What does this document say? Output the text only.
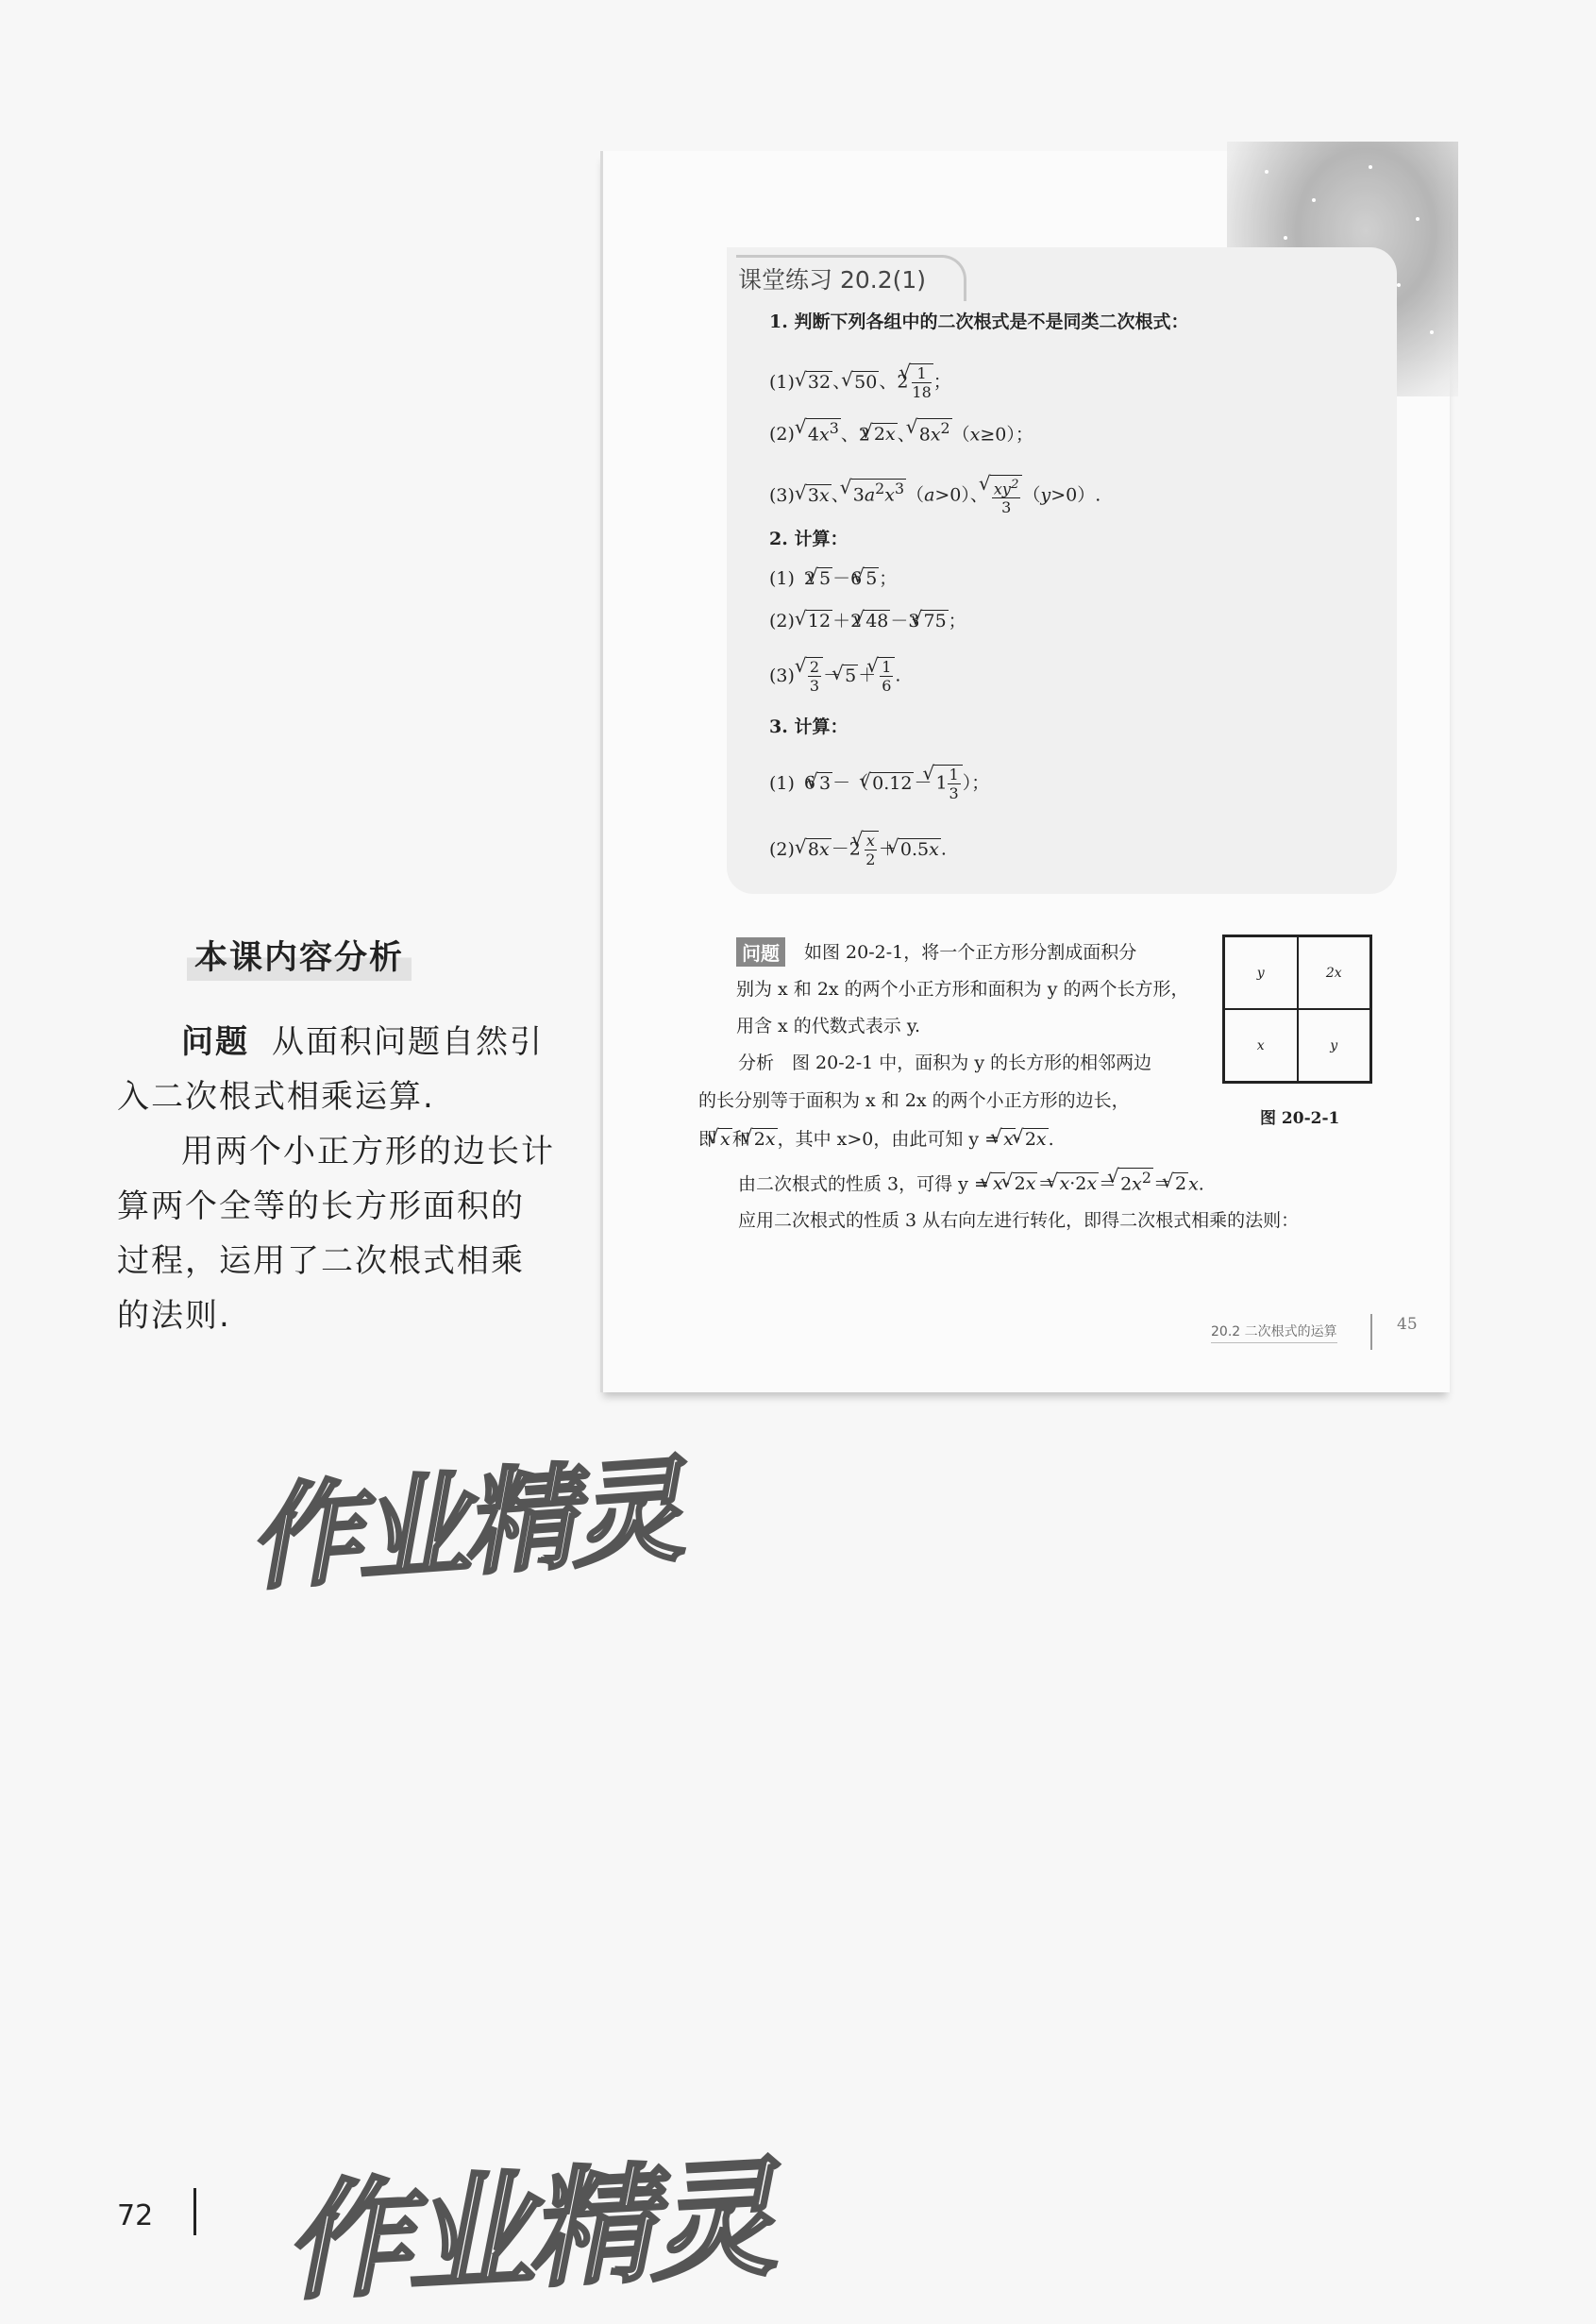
本课内容分析

问题 从面积问题自然引入二次根式相乘运算.

用两个小正方形的边长计算两个全等的长方形面积的过程，运用了二次根式相乘的法则.

课堂练习 20.2(1)
1. 判断下列各组中的二次根式是不是同类二次根式：
(1) √ 32 、 √ 50 、2 √ $\frac{1}{18}$ ；
(2) √ $4x^3$ 、2 √ 2x 、 √ $8x^2$ （x≥0）；
(3) √ 3x 、 √ $3a^2x^3$ （a>0）、 √ $\frac{xy^2}{3} (y>0)$.
2. 计算：
(1) 2 √ 5 －6 √ 5 ；
(2) √ 12 ＋2 √ 48 －3 √ 75 ；
(3) √ $\frac{2}{3}$ － √ 5 ＋ √ $\frac{1}{6}$ .
3. 计算：
(1) 6 √ 3 －（ √ 0.12 － √ $1 \frac{1}{3}$ ）；
(2) √ 8x －2 √ $\frac{x}{2}$ ＋ √ 0.5x .
问题	如图 20-2-1，将一个正方形分割成面积分
别为 x 和 2x 的两个小正方形和面积为 y 的两个长方形，
用含 x 的代数式表示 y.
分析　图 20-2-1 中，面积为 y 的长方形的相邻两边
的长分别等于面积为 x 和 2x 的两个小正方形的边长，
即 √ x 和 √ 2x ，其中 x>0，由此可知 y = √ x · √ 2x .
由二次根式的性质 3，可得 y = √ x · √ 2x ＝ √ x·2x ＝ √ $2x^2$ ＝ √ 2 x.
应用二次根式的性质 3 从右向左进行转化，即得二次根式相乘的法则：
y	2x
x	y
图 20-2-1
20.2 二次根式的运算	45
作业精灵
作业精灵
72
